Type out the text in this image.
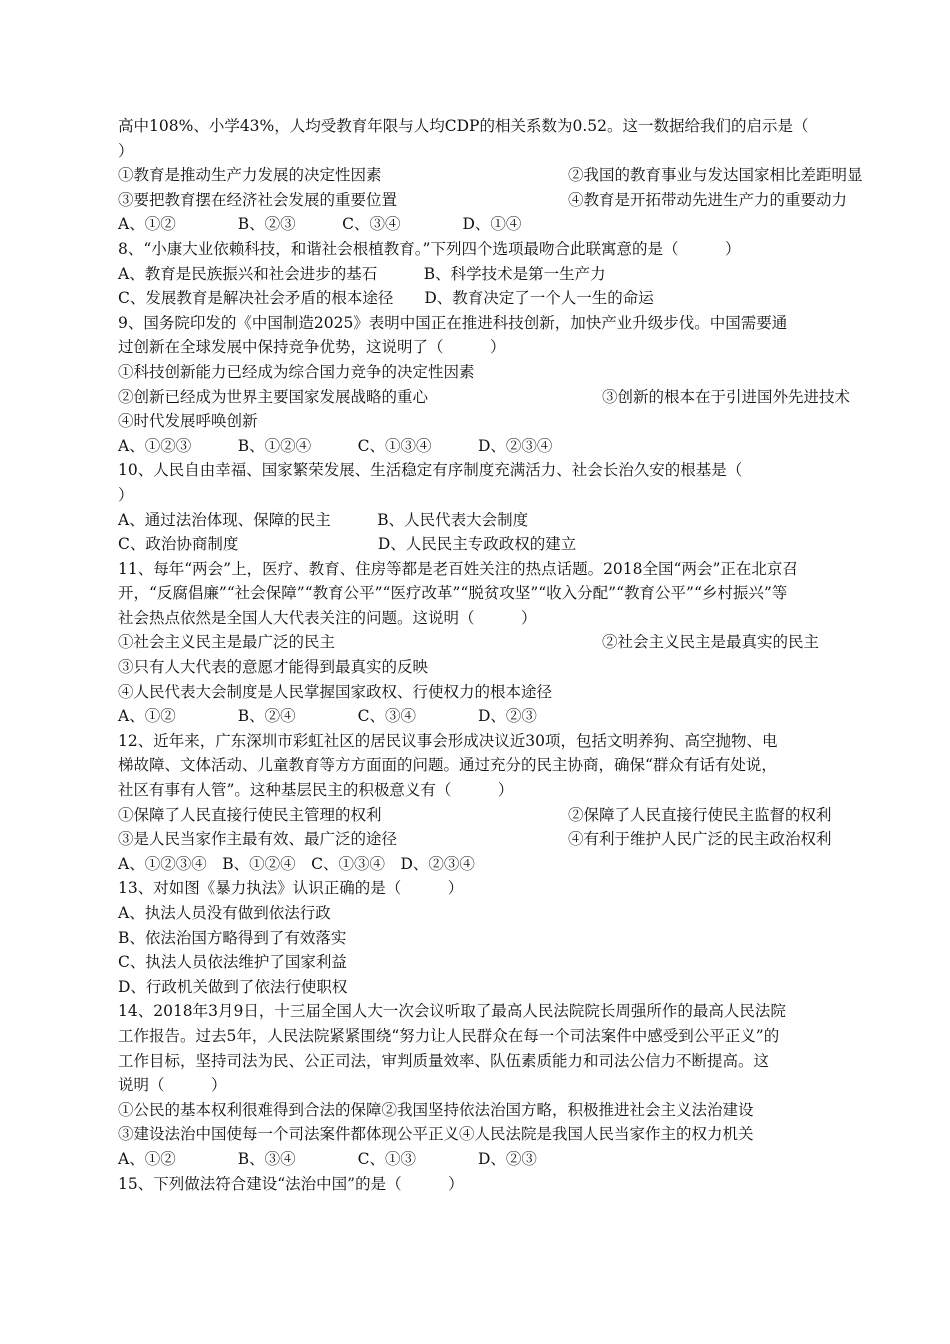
高中108%、小学43%，人均受教育年限与人均CDP的相关系数为0.52。这一数据给我们的启示是（
）
①教育是推动生产力发展的决定性因素	②我国的教育事业与发达国家相比差距明显
③要把教育摆在经济社会发展的重要位置	④教育是开拓带动先进生产力的重要动力
A、①②　　　　B、②③　　　C、③④　　　　D、①④
8、“小康大业依赖科技，和谐社会根植教育。”下列四个选项最吻合此联寓意的是（　　　）
A、教育是民族振兴和社会进步的基石　　　B、科学技术是第一生产力
C、发展教育是解决社会矛盾的根本途径　　D、教育决定了一个人一生的命运
9、国务院印发的《中国制造2025》表明中国正在推进科技创新，加快产业升级步伐。中国需要通
过创新在全球发展中保持竞争优势，这说明了（　　　）
①科技创新能力已经成为综合国力竞争的决定性因素
②创新已经成为世界主要国家发展战略的重心	③创新的根本在于引进国外先进技术
④时代发展呼唤创新
A、①②③　　　B、①②④　　　C、①③④　　　D、②③④
10、人民自由幸福、国家繁荣发展、生活稳定有序制度充满活力、社会长治久安的根基是（
）
A、通过法治体现、保障的民主　　　B、人民代表大会制度
C、政治协商制度　　　　　　　　　D、人民民主专政政权的建立
11、每年“两会”上，医疗、教育、住房等都是老百姓关注的热点话题。2018全国“两会”正在北京召
开，“反腐倡廉”“社会保障”“教育公平”“医疗改革”“脱贫攻坚”“收入分配”“教育公平”“乡村振兴”等
社会热点依然是全国人大代表关注的问题。这说明（　　　）
①社会主义民主是最广泛的民主	②社会主义民主是最真实的民主
③只有人大代表的意愿才能得到最真实的反映
④人民代表大会制度是人民掌握国家政权、行使权力的根本途径
A、①②　　　　B、②④　　　　C、③④　　　　D、②③
12、近年来，广东深圳市彩虹社区的居民议事会形成决议近30项，包括文明养狗、高空抛物、电
梯故障、文体活动、儿童教育等方方面面的问题。通过充分的民主协商，确保“群众有话有处说，
社区有事有人管”。这种基层民主的积极意义有（　　　）
①保障了人民直接行使民主管理的权利	②保障了人民直接行使民主监督的权利
③是人民当家作主最有效、最广泛的途径	④有利于维护人民广泛的民主政治权利
A、①②③④　B、①②④　C、①③④　D、②③④
13、对如图《暴力执法》认识正确的是（　　　）
A、执法人员没有做到依法行政
B、依法治国方略得到了有效落实
C、执法人员依法维护了国家利益
D、行政机关做到了依法行使职权
14、2018年3月9日，十三届全国人大一次会议听取了最高人民法院院长周强所作的最高人民法院
工作报告。过去5年，人民法院紧紧围绕“努力让人民群众在每一个司法案件中感受到公平正义”的
工作目标，坚持司法为民、公正司法，审判质量效率、队伍素质能力和司法公信力不断提高。这
说明（　　　）
①公民的基本权利很难得到合法的保障②我国坚持依法治国方略，积极推进社会主义法治建设
③建设法治中国使每一个司法案件都体现公平正义④人民法院是我国人民当家作主的权力机关
A、①②　　　　B、③④　　　　C、①③　　　　D、②③
15、下列做法符合建设“法治中国”的是（　　　）
